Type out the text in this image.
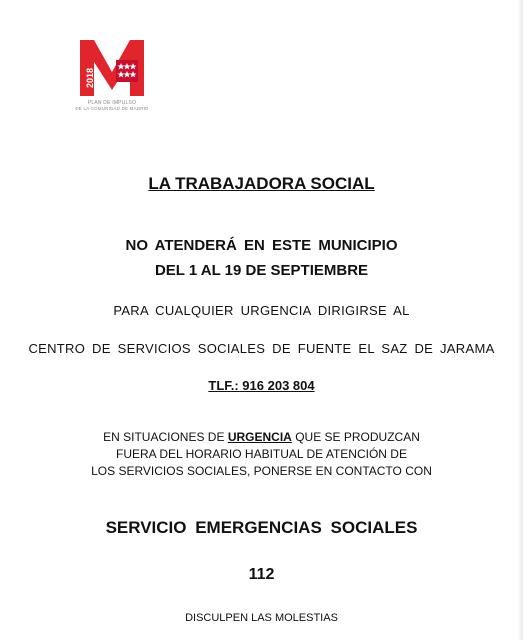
2018
PLAN DE IMPULSO
DE LA COMUNIDAD DE MADRID
LA TRABAJADORA SOCIAL
NO ATENDERÁ EN ESTE MUNICIPIO
DEL 1 AL 19 DE SEPTIEMBRE
PARA CUALQUIER URGENCIA DIRIGIRSE AL
CENTRO DE SERVICIOS SOCIALES DE FUENTE EL SAZ DE JARAMA
TLF.: 916 203 804
EN SITUACIONES DE URGENCIA QUE SE PRODUZCAN
FUERA DEL HORARIO HABITUAL DE ATENCIÓN DE
LOS SERVICIOS SOCIALES, PONERSE EN CONTACTO CON
SERVICIO EMERGENCIAS SOCIALES
112
DISCULPEN LAS MOLESTIAS
